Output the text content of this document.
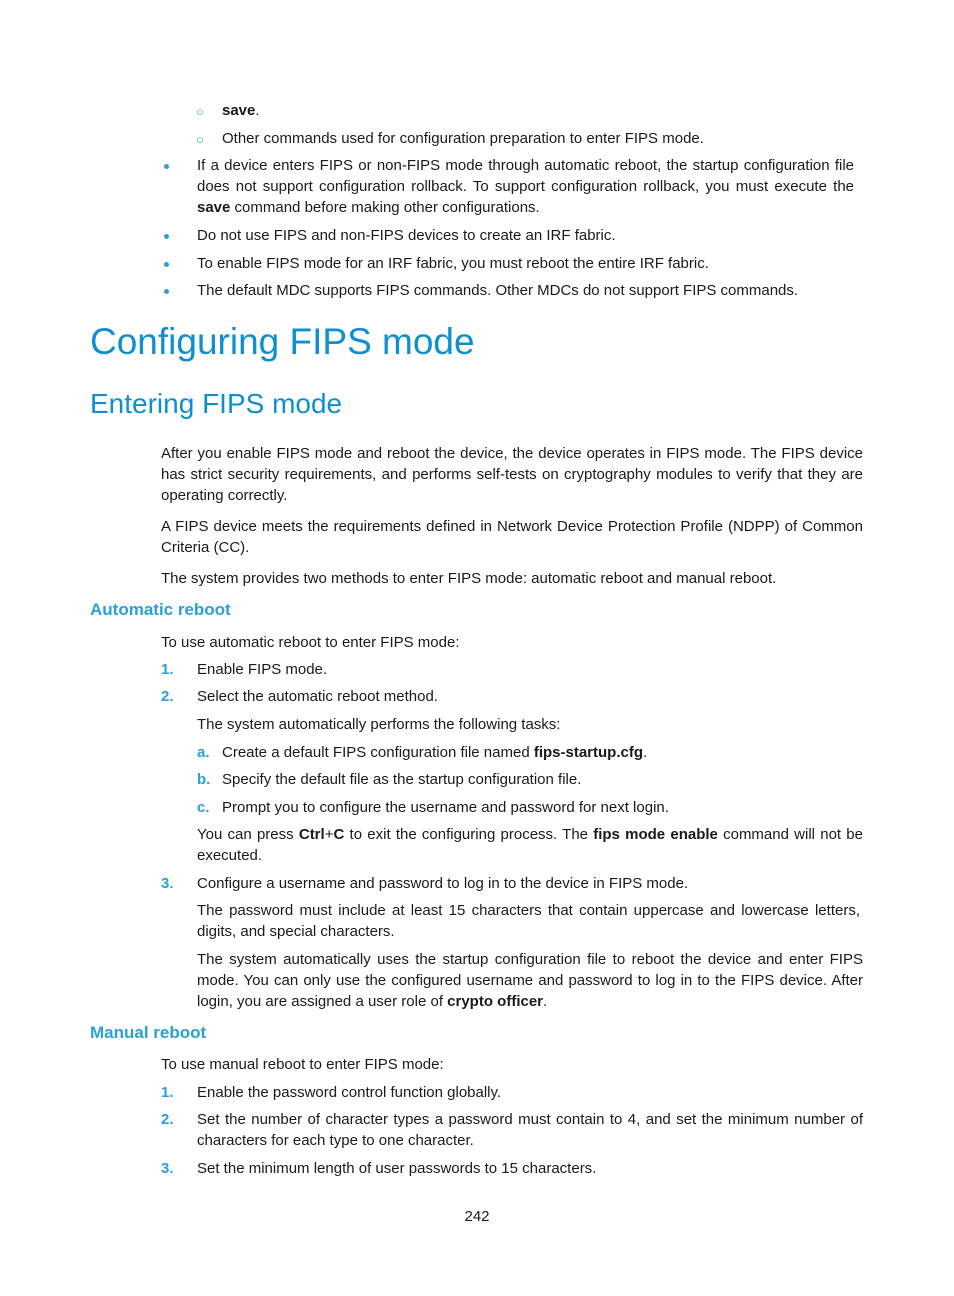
○ save.

○ Other commands used for configuration preparation to enter FIPS mode.

If a device enters FIPS or non-FIPS mode through automatic reboot, the startup configuration file does not support configuration rollback. To support configuration rollback, you must execute the save command before making other configurations.

Do not use FIPS and non-FIPS devices to create an IRF fabric.

To enable FIPS mode for an IRF fabric, you must reboot the entire IRF fabric.

The default MDC supports FIPS commands. Other MDCs do not support FIPS commands.

Configuring FIPS mode
Entering FIPS mode

After you enable FIPS mode and reboot the device, the device operates in FIPS mode. The FIPS device has strict security requirements, and performs self-tests on cryptography modules to verify that they are operating correctly.

A FIPS device meets the requirements defined in Network Device Protection Profile (NDPP) of Common Criteria (CC).

The system provides two methods to enter FIPS mode: automatic reboot and manual reboot.

Automatic reboot

To use automatic reboot to enter FIPS mode:

1. Enable FIPS mode.

2. Select the automatic reboot method.

The system automatically performs the following tasks:

a. Create a default FIPS configuration file named fips-startup.cfg.

b. Specify the default file as the startup configuration file.

c. Prompt you to configure the username and password for next login.

You can press Ctrl+C to exit the configuring process. The fips mode enable command will not be executed.

3. Configure a username and password to log in to the device in FIPS mode.

The password must include at least 15 characters that contain uppercase and lowercase letters, digits, and special characters.

The system automatically uses the startup configuration file to reboot the device and enter FIPS mode. You can only use the configured username and password to log in to the FIPS device. After login, you are assigned a user role of crypto officer.

Manual reboot

To use manual reboot to enter FIPS mode:

1. Enable the password control function globally.

2. Set the number of character types a password must contain to 4, and set the minimum number of characters for each type to one character.

3. Set the minimum length of user passwords to 15 characters.

242
